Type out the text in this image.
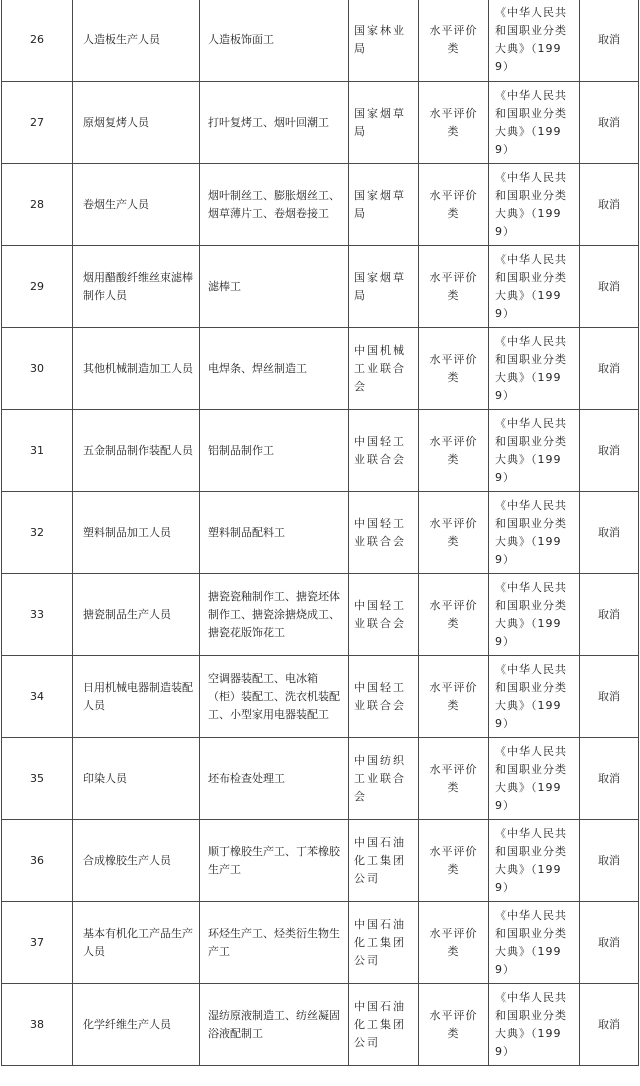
26	人造板生产人员	人造板饰面工	国家林业局	水平评价类	《中华人民共和国职业分类大典》（1999）	取消
27	原烟复烤人员	打叶复烤工、烟叶回潮工	国家烟草局	水平评价类	《中华人民共和国职业分类大典》（1999）	取消
28	卷烟生产人员	烟叶制丝工、膨胀烟丝工、烟草薄片工、卷烟卷接工	国家烟草局	水平评价类	《中华人民共和国职业分类大典》（1999）	取消
29	烟用醋酸纤维丝束滤棒制作人员	滤棒工	国家烟草局	水平评价类	《中华人民共和国职业分类大典》（1999）	取消
30	其他机械制造加工人员	电焊条、焊丝制造工	中国机械工业联合会	水平评价类	《中华人民共和国职业分类大典》（1999）	取消
31	五金制品制作装配人员	铝制品制作工	中国轻工业联合会	水平评价类	《中华人民共和国职业分类大典》（1999）	取消
32	塑料制品加工人员	塑料制品配料工	中国轻工业联合会	水平评价类	《中华人民共和国职业分类大典》（1999）	取消
33	搪瓷制品生产人员	搪瓷瓷釉制作工、搪瓷坯体制作工、搪瓷涂搪烧成工、搪瓷花版饰花工	中国轻工业联合会	水平评价类	《中华人民共和国职业分类大典》（1999）	取消
34	日用机械电器制造装配人员	空调器装配工、电冰箱（柜）装配工、洗衣机装配工、小型家用电器装配工	中国轻工业联合会	水平评价类	《中华人民共和国职业分类大典》（1999）	取消
35	印染人员	坯布检查处理工	中国纺织工业联合会	水平评价类	《中华人民共和国职业分类大典》（1999）	取消
36	合成橡胶生产人员	顺丁橡胶生产工、丁苯橡胶生产工	中国石油化工集团公司	水平评价类	《中华人民共和国职业分类大典》（1999）	取消
37	基本有机化工产品生产人员	环烃生产工、烃类衍生物生产工	中国石油化工集团公司	水平评价类	《中华人民共和国职业分类大典》（1999）	取消
38	化学纤维生产人员	湿纺原液制造工、纺丝凝固浴液配制工	中国石油化工集团公司	水平评价类	《中华人民共和国职业分类大典》（1999）	取消
